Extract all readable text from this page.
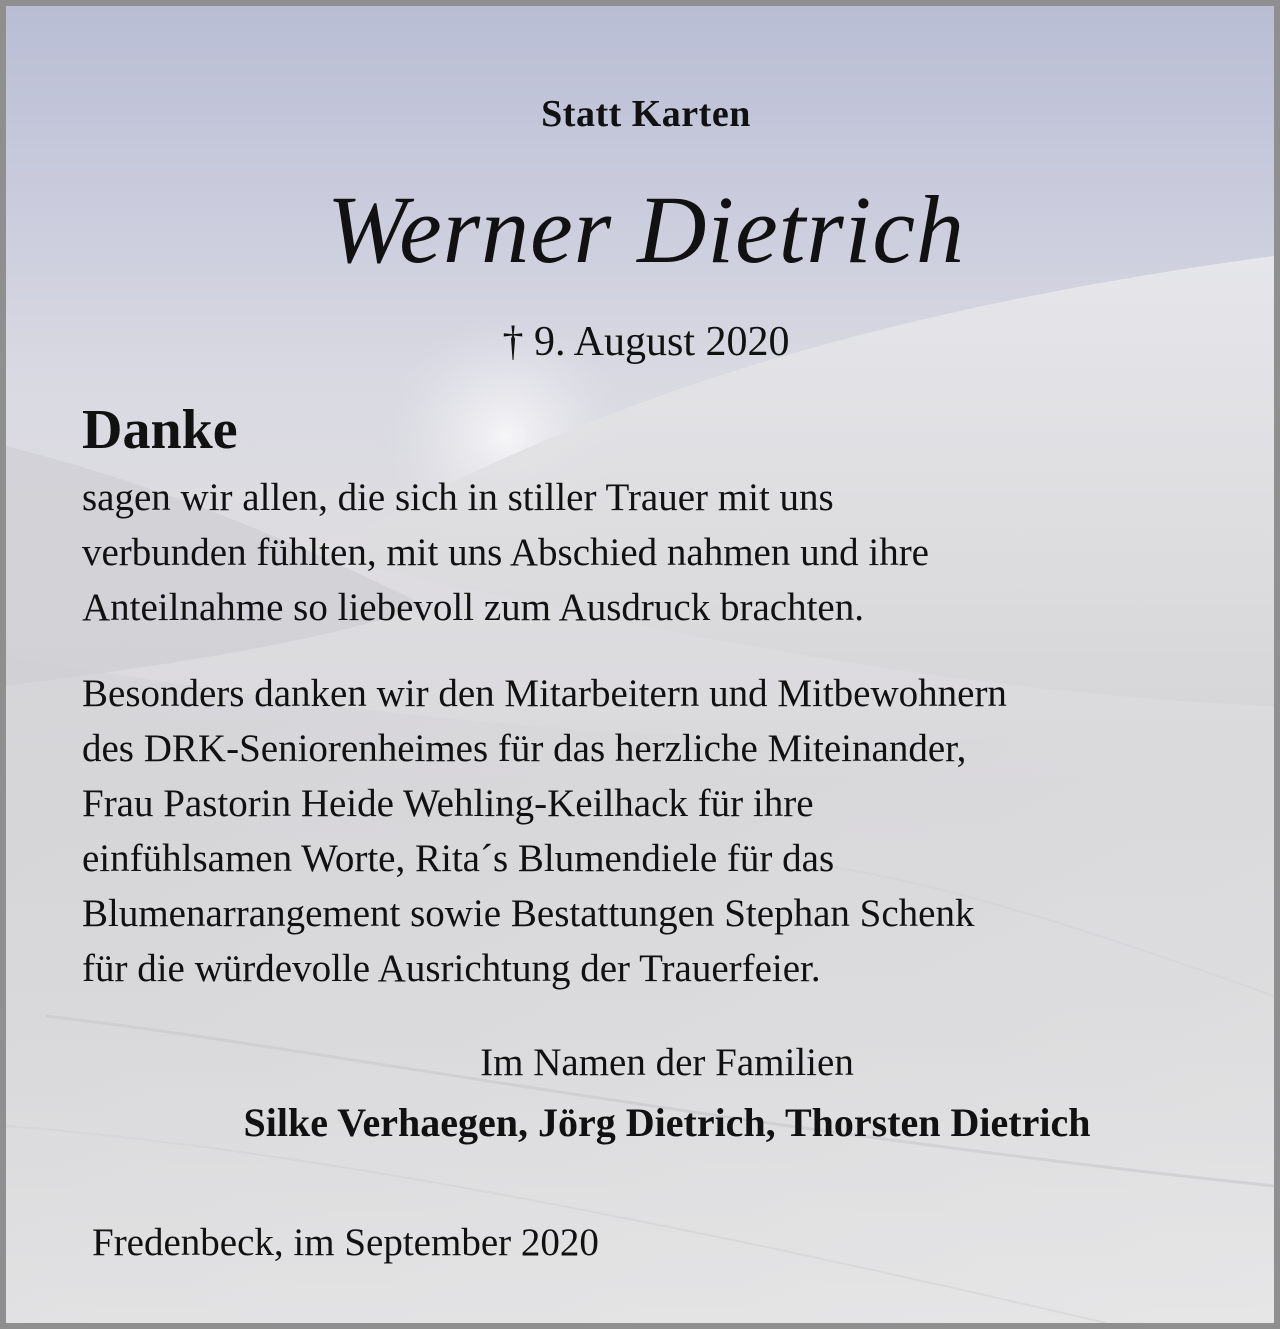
Statt Karten
Werner Dietrich
† 9. August 2020
Danke
sagen wir allen, die sich in stiller Trauer mit uns
verbunden fühlten, mit uns Abschied nahmen und ihre
Anteilnahme so liebevoll zum Ausdruck brachten.
Besonders danken wir den Mitarbeitern und Mitbewohnern
des DRK-Seniorenheimes für das herzliche Miteinander,
Frau Pastorin Heide Wehling-Keilhack für ihre
einfühlsamen Worte, Rita´s Blumendiele für das
Blumenarrangement sowie Bestattungen Stephan Schenk
für die würdevolle Ausrichtung der Trauerfeier.
Im Namen der Familien
Silke Verhaegen, Jörg Dietrich, Thorsten Dietrich
Fredenbeck, im September 2020
